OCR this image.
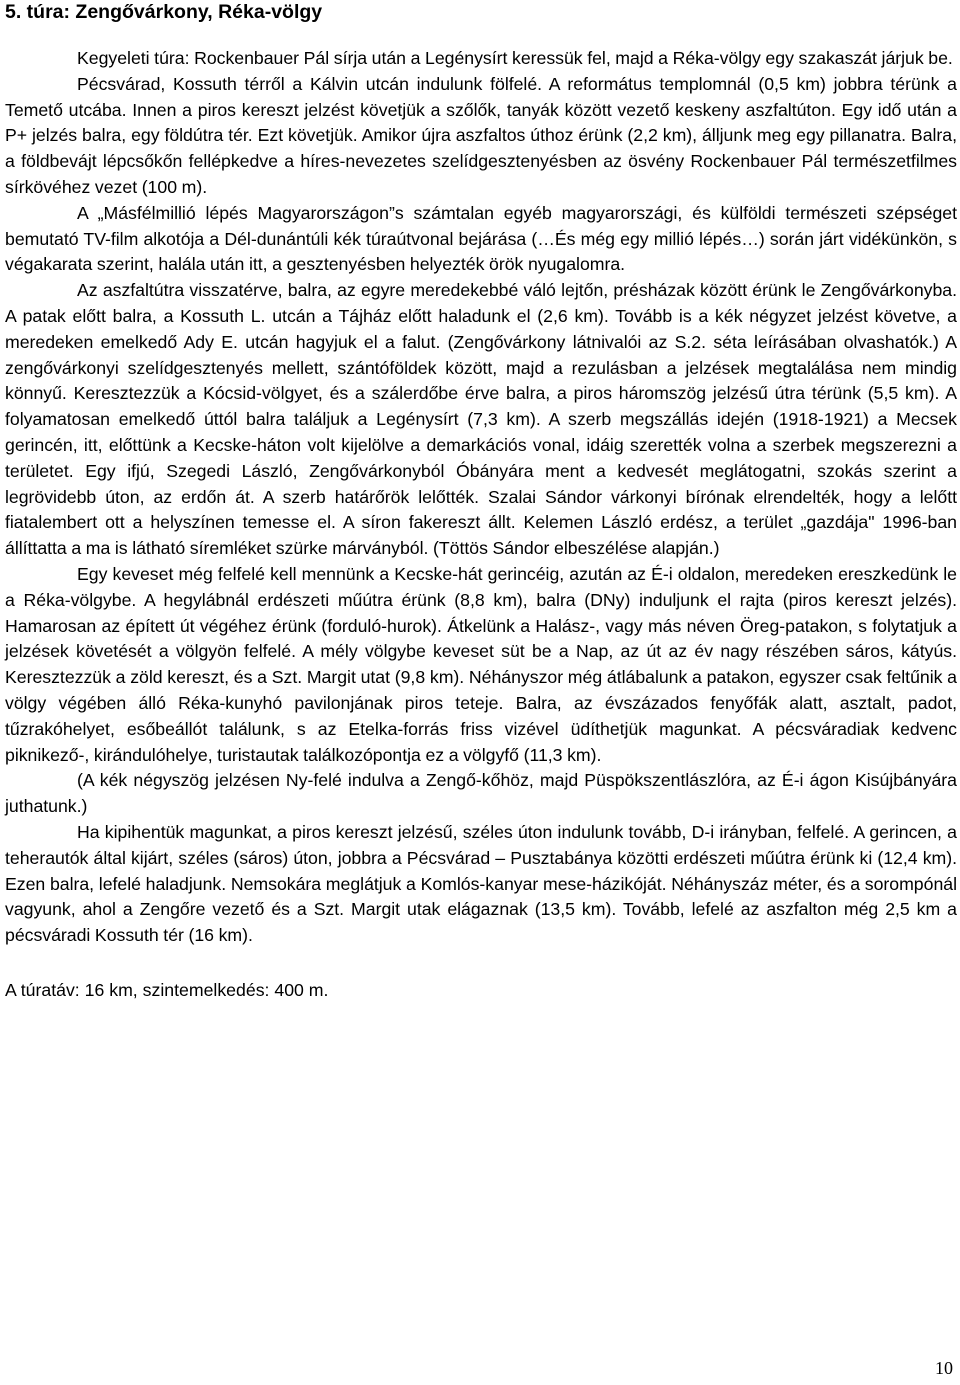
5. túra: Zengővárkony, Réka-völgy

Kegyeleti túra: Rockenbauer Pál sírja után a Legénysírt keressük fel, majd a Réka-völgy egy szakaszát járjuk be.

Pécsvárad, Kossuth térről a Kálvin utcán indulunk fölfelé. A református templomnál (0,5 km) jobbra térünk a Temető utcába. Innen a piros kereszt jelzést követjük a szőlők, tanyák között vezető keskeny aszfaltúton. Egy idő után a P+ jelzés balra, egy földútra tér. Ezt követjük. Amikor újra aszfaltos úthoz érünk (2,2 km), álljunk meg egy pillanatra. Balra, a földbevájt lépcsőkőn fellépkedve a híres-nevezetes szelídgesztenyésben az ösvény Rockenbauer Pál természetfilmes sírkövéhez vezet (100 m).

A „Másfélmillió lépés Magyarországon”s számtalan egyéb magyarországi, és külföldi természeti szépséget bemutató TV-film alkotója a Dél-dunántúli kék túraútvonal bejárása (…És még egy millió lépés…) során járt vidékünkön, s végakarata szerint, halála után itt, a gesztenyésben helyezték örök nyugalomra.

Az aszfaltútra visszatérve, balra, az egyre meredekebbé váló lejtőn, présházak között érünk le Zengővárkonyba. A patak előtt balra, a Kossuth L. utcán a Tájház előtt haladunk el (2,6 km). Tovább is a kék négyzet jelzést követve, a meredeken emelkedő Ady E. utcán hagyjuk el a falut. (Zengővárkony látnivalói az S.2. séta leírásában olvashatók.) A zengővárkonyi szelídgesztenyés mellett, szántóföldek között, majd a rezulásban a jelzések megtalálása nem mindig könnyű. Keresztezzük a Kócsid-völgyet, és a szálerdőbe érve balra, a piros háromszög jelzésű útra térünk (5,5 km). A folyamatosan emelkedő úttól balra találjuk a Legénysírt (7,3 km). A szerb megszállás idején (1918-1921) a Mecsek gerincén, itt, előttünk a Kecske-háton volt kijelölve a demarkációs vonal, idáig szerették volna a szerbek megszerezni a területet. Egy ifjú, Szegedi László, Zengővárkonyból Óbányára ment a kedvesét meglátogatni, szokás szerint a legrövidebb úton, az erdőn át. A szerb határőrök lelőtték. Szalai Sándor várkonyi bírónak elrendelték, hogy a lelőtt fiatalembert ott a helyszínen temesse el. A síron fakereszt állt. Kelemen László erdész, a terület „gazdája" 1996-ban állíttatta a ma is látható síremléket szürke márványból. (Töttös Sándor elbeszélése alapján.)

Egy keveset még felfelé kell mennünk a Kecske-hát gerincéig, azután az É-i oldalon, meredeken ereszkedünk le a Réka-völgybe. A hegylábnál erdészeti műútra érünk (8,8 km), balra (DNy) induljunk el rajta (piros kereszt jelzés). Hamarosan az épített út végéhez érünk (forduló-hurok). Átkelünk a Halász-, vagy más néven Öreg-patakon, s folytatjuk a jelzések követését a völgyön felfelé. A mély völgybe keveset süt be a Nap, az út az év nagy részében sáros, kátyús. Keresztezzük a zöld kereszt, és a Szt. Margit utat (9,8 km). Néhányszor még átlábalunk a patakon, egyszer csak feltűnik a völgy végében álló Réka-kunyhó pavilonjának piros teteje. Balra, az évszázados fenyőfák alatt, asztalt, padot, tűzrakóhelyet, esőbeállót találunk, s az Etelka-forrás friss vizével üdíthetjük magunkat. A pécsváradiak kedvenc piknikező-, kirándulóhelye, turistautak találkozópontja ez a völgyfő (11,3 km).

(A kék négyszög jelzésen Ny-felé indulva a Zengő-kőhöz, majd Püspökszentlászlóra, az É-i ágon Kisújbányára juthatunk.)

Ha kipihentük magunkat, a piros kereszt jelzésű, széles úton indulunk tovább, D-i irányban, felfelé. A gerincen, a teherautók által kijárt, széles (sáros) úton, jobbra a Pécsvárad – Pusztabánya közötti erdészeti műútra érünk ki (12,4 km). Ezen balra, lefelé haladjunk. Nemsokára meglátjuk a Komlós-kanyar mese-házikóját. Néhányszáz méter, és a sorompónál vagyunk, ahol a Zengőre vezető és a Szt. Margit utak elágaznak (13,5 km). Tovább, lefelé az aszfalton még 2,5 km a pécsváradi Kossuth tér (16 km).

A túratáv: 16 km, szintemelkedés: 400 m.

10
